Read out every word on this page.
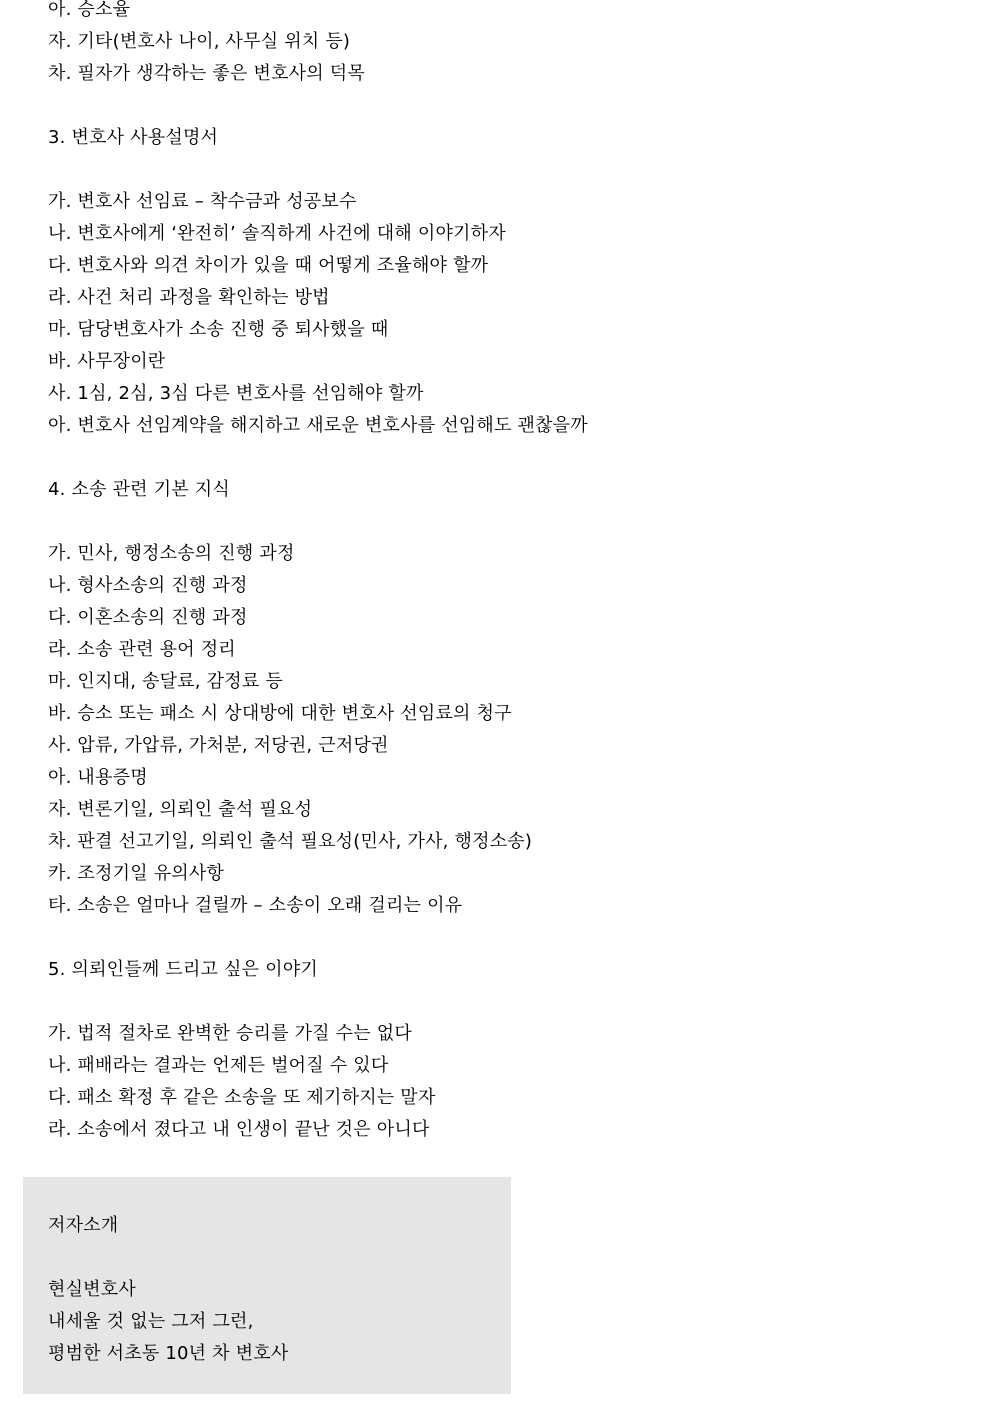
아. 승소율
자. 기타(변호사 나이, 사무실 위치 등)
차. 필자가 생각하는 좋은 변호사의 덕목
3. 변호사 사용설명서
가. 변호사 선임료 – 착수금과 성공보수
나. 변호사에게 ‘완전히’ 솔직하게 사건에 대해 이야기하자
다. 변호사와 의견 차이가 있을 때 어떻게 조율해야 할까
라. 사건 처리 과정을 확인하는 방법
마. 담당변호사가 소송 진행 중 퇴사했을 때
바. 사무장이란
사. 1심, 2심, 3심 다른 변호사를 선임해야 할까
아. 변호사 선임계약을 해지하고 새로운 변호사를 선임해도 괜찮을까
4. 소송 관련 기본 지식
가. 민사, 행정소송의 진행 과정
나. 형사소송의 진행 과정
다. 이혼소송의 진행 과정
라. 소송 관련 용어 정리
마. 인지대, 송달료, 감정료 등
바. 승소 또는 패소 시 상대방에 대한 변호사 선임료의 청구
사. 압류, 가압류, 가처분, 저당권, 근저당권
아. 내용증명
자. 변론기일, 의뢰인 출석 필요성
차. 판결 선고기일, 의뢰인 출석 필요성(민사, 가사, 행정소송)
카. 조정기일 유의사항
타. 소송은 얼마나 걸릴까 – 소송이 오래 걸리는 이유
5. 의뢰인들께 드리고 싶은 이야기
가. 법적 절차로 완벽한 승리를 가질 수는 없다
나. 패배라는 결과는 언제든 벌어질 수 있다
다. 패소 확정 후 같은 소송을 또 제기하지는 말자
라. 소송에서 졌다고 내 인생이 끝난 것은 아니다
저자소개
현실변호사
내세울 것 없는 그저 그런,
평범한 서초동 10년 차 변호사
